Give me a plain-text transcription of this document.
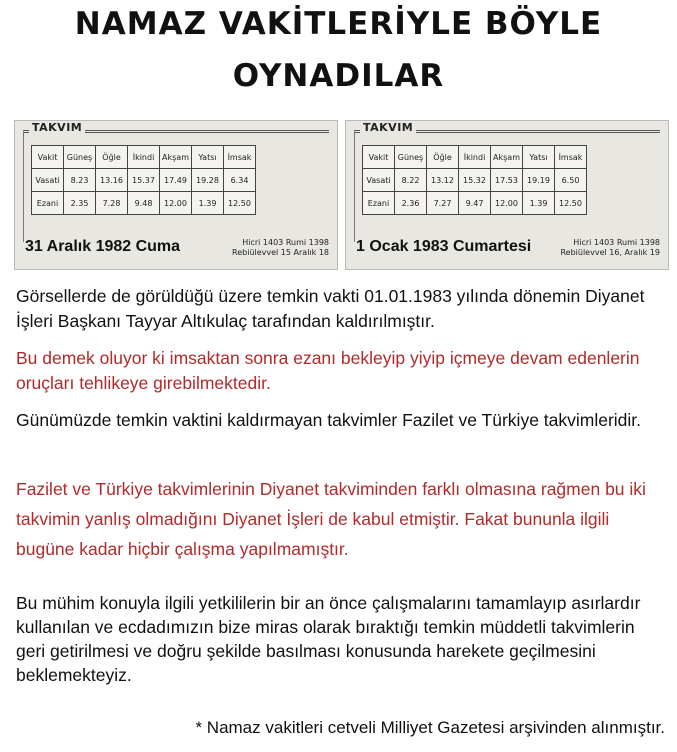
NAMAZ VAKİTLERİYLE BÖYLE
OYNADILAR
TAKVIM
Vakit	Güneş	Öğle	İkindi	Akşam	Yatsı	İmsak
Vasati	8.23	13.16	15.37	17.49	19.28	6.34
Ezani	2.35	7.28	9.48	12.00	1.39	12.50
31 Aralık 1982 Cuma	Hicri 1403 Rumi 1398
Rebiülevvel 15 Aralık 18
TAKVIM
Vakit	Güneş	Öğle	İkindi	Akşam	Yatsı	İmsak
Vasati	8.22	13.12	15.32	17.53	19.19	6.50
Ezani	2.36	7.27	9.47	12.00	1.39	12.50
1 Ocak 1983 Cumartesi	Hicri 1403 Rumi 1398
Rebiülevvel 16, Aralık 19
Görsellerde de görüldüğü üzere temkin vakti 01.01.1983 yılında dönemin Diyanet İşleri Başkanı Tayyar Altıkulaç tarafından kaldırılmıştır.
Bu demek oluyor ki imsaktan sonra ezanı bekleyip yiyip içmeye devam edenlerin oruçları tehlikeye girebilmektedir.
Günümüzde temkin vaktini kaldırmayan takvimler Fazilet ve Türkiye takvimleridir.
Fazilet ve Türkiye takvimlerinin Diyanet takviminden farklı olmasına rağmen bu iki takvimin yanlış olmadığını Diyanet İşleri de kabul etmiştir. Fakat bununla ilgili bugüne kadar hiçbir çalışma yapılmamıştır.
Bu mühim konuyla ilgili yetkililerin bir an önce çalışmalarını tamamlayıp asırlardır kullanılan ve ecdadımızın bize miras olarak bıraktığı temkin müddetli takvimlerin geri getirilmesi ve doğru şekilde basılması konusunda harekete geçilmesini beklemekteyiz.
* Namaz vakitleri cetveli Milliyet Gazetesi arşivinden alınmıştır.
